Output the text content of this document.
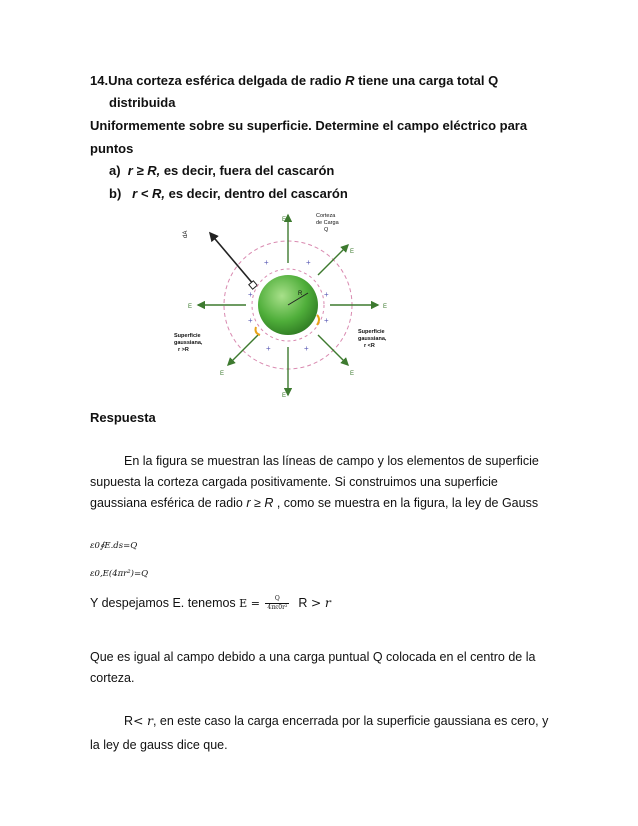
14.Una corteza esférica delgada de radio R tiene una carga total Q
distribuida
Uniformemente sobre su superficie. Determine el campo eléctrico para
puntos
a) r ≥ R, es decir, fuera del cascarón
b) r < R, es decir, dentro del cascarón
+	+
+	+
+	+
+	+
R
Corteza
de Carga
Q
dA
Superficie
gaussiana,
r >R
Superficie
gaussiana,
r <R
E
E
E	E
E
E	E
Respuesta
En la figura se muestran las líneas de campo y los elementos de superficie
supuesta la corteza cargada positivamente. Si construimos una superficie
gaussiana esférica de radio r ≥ R , como se muestra en la figura, la ley de Gauss
ε0∮E.ds=Q
ε0,E(4πr²)=Q
Y despejamos E. tenemos $E = \frac{Q}{\text{4πε0r²}}$ R > r
Que es igual al campo debido a una carga puntual Q colocada en el centro de la
corteza.
R< r, en este caso la carga encerrada por la superficie gaussiana es cero, y
la ley de gauss dice que.
